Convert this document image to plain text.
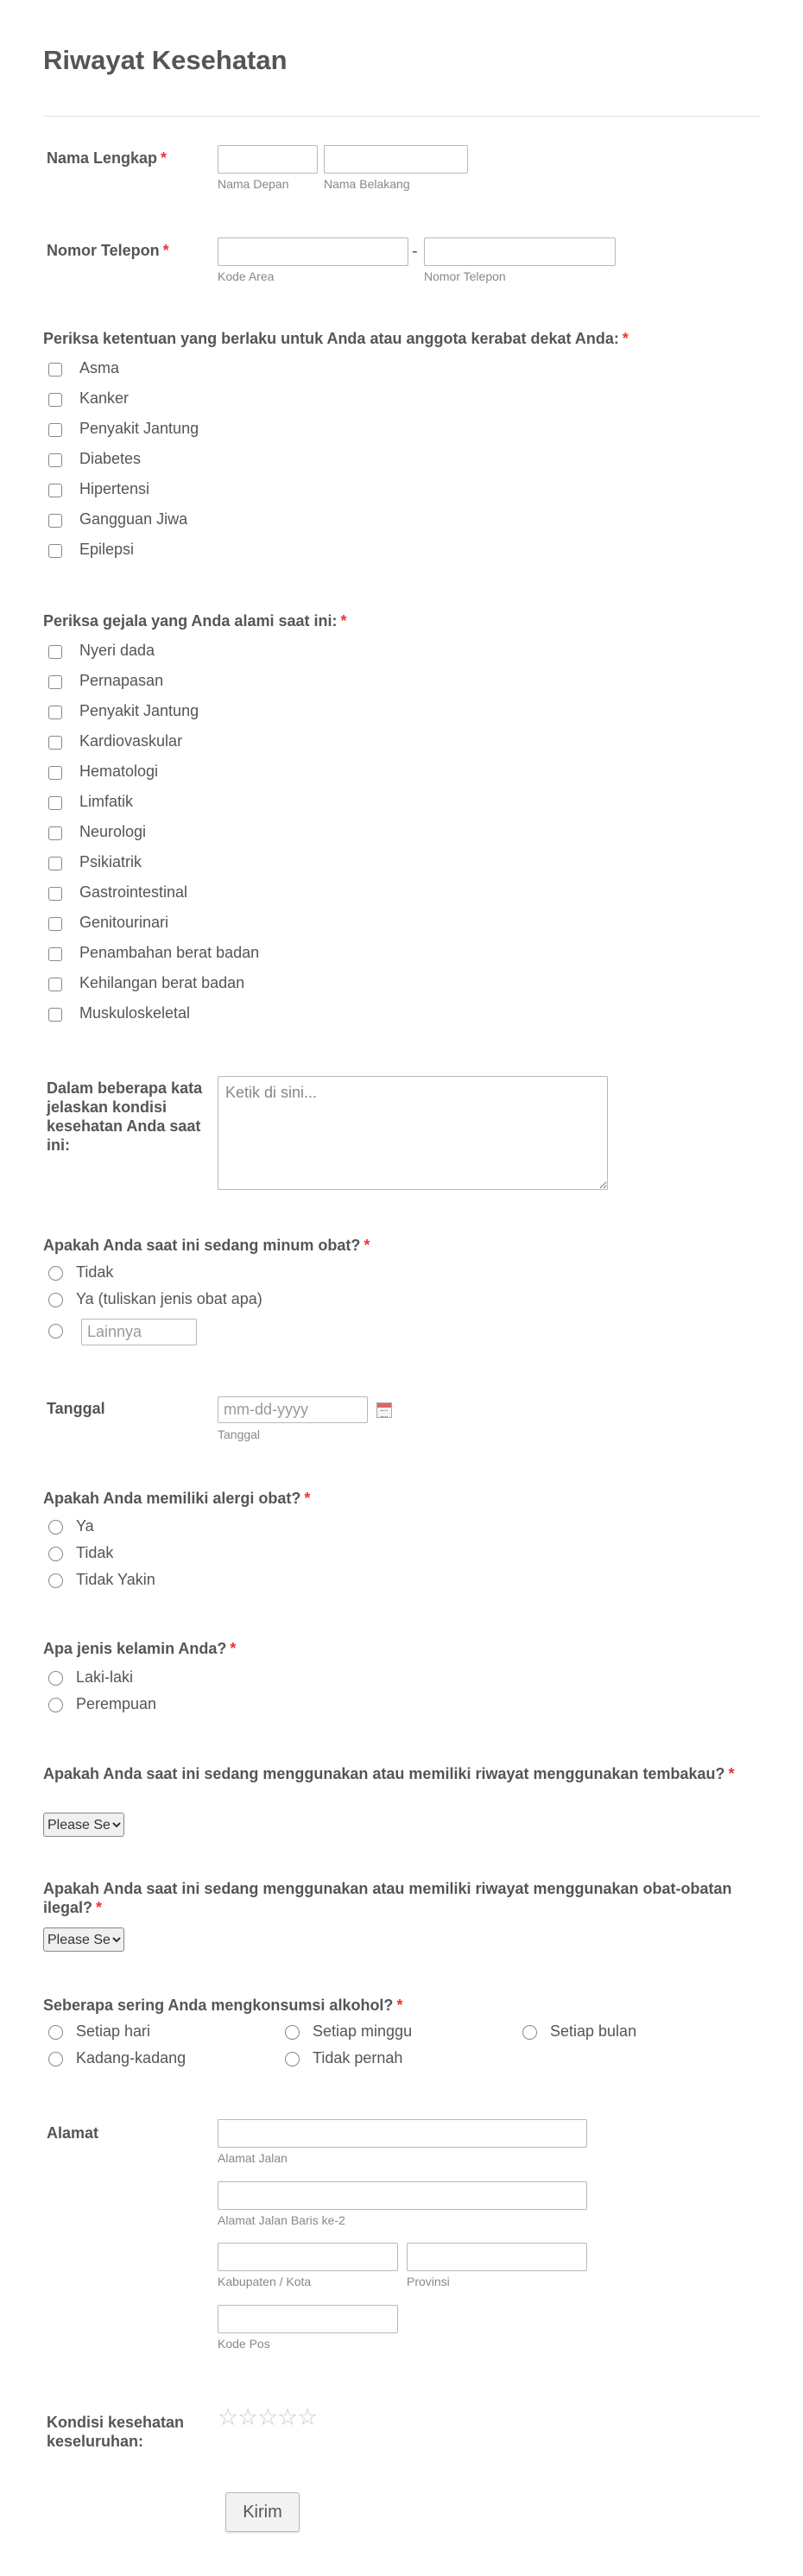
Riwayat Kesehatan
Nama Lengkap *
Nama Depan	Nama Belakang
Nomor Telepon *	-
Kode Area	Nomor Telepon
Periksa ketentuan yang berlaku untuk Anda atau anggota kerabat dekat Anda: *
Asma
Kanker
Penyakit Jantung
Diabetes
Hipertensi
Gangguan Jiwa
Epilepsi
Periksa gejala yang Anda alami saat ini: *
Nyeri dada
Pernapasan
Penyakit Jantung
Kardiovaskular
Hematologi
Limfatik
Neurologi
Psikiatrik
Gastrointestinal
Genitourinari
Penambahan berat badan
Kehilangan berat badan
Muskuloskeletal
Dalam beberapa kata jelaskan kondisi kesehatan Anda saat ini:
Ketik di sini...
Apakah Anda saat ini sedang minum obat? *
Tidak
Ya (tuliskan jenis obat apa)
Lainnya
Tanggal
mm-dd-yyyy
Tanggal
Apakah Anda memiliki alergi obat? *
Ya
Tidak
Tidak Yakin
Apa jenis kelamin Anda? *
Laki-laki
Perempuan
Apakah Anda saat ini sedang menggunakan atau memiliki riwayat menggunakan tembakau? *
Please Select
Apakah Anda saat ini sedang menggunakan atau memiliki riwayat menggunakan obat-obatan ilegal? *
Please Select
Seberapa sering Anda mengkonsumsi alkohol? *
Setiap hari	Setiap minggu	Setiap bulan
Kadang-kadang	Tidak pernah
Alamat
Alamat Jalan
Alamat Jalan Baris ke-2
Kabupaten / Kota	Provinsi
Kode Pos
Kondisi kesehatan keseluruhan:
☆
☆
☆
☆
☆
Kirim
